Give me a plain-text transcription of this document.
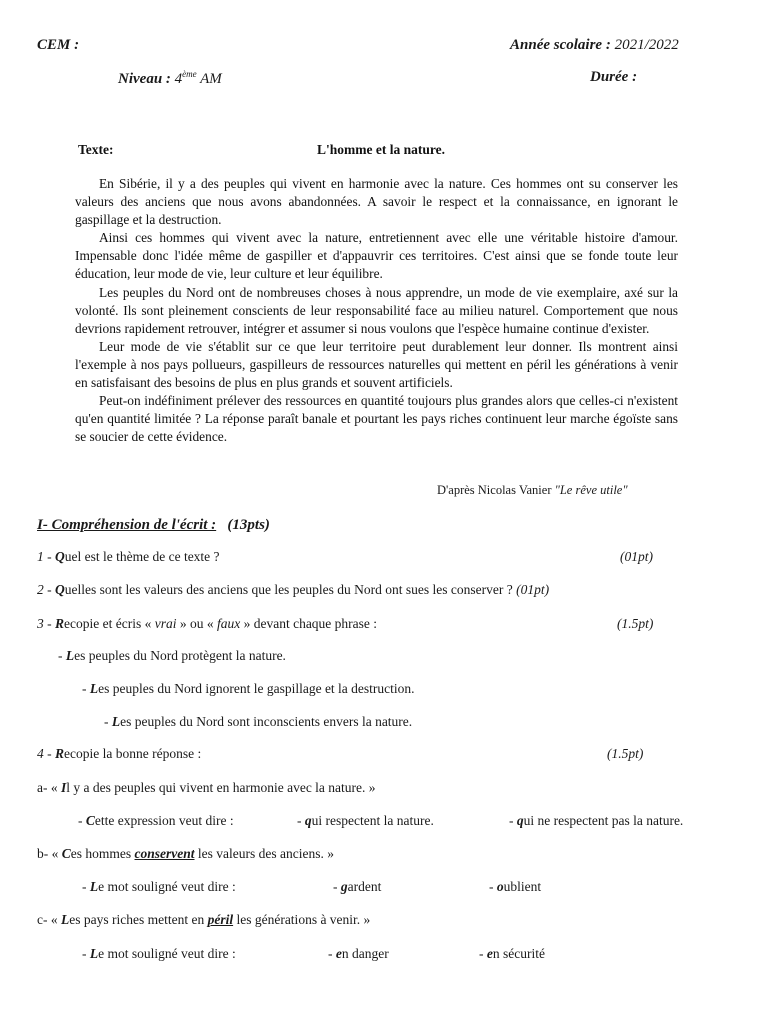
CEM :	Année scolaire : 2021/2022
Niveau : 4ème AM	Durée :
Texte:	L'homme et la nature.

En Sibérie, il y a des peuples qui vivent en harmonie avec la nature. Ces hommes ont su conserver les valeurs des anciens que nous avons abandonnées. A savoir le respect et la connaissance, en ignorant le gaspillage et la destruction.

Ainsi ces hommes qui vivent avec la nature, entretiennent avec elle une véritable histoire d'amour. Impensable donc l'idée même de gaspiller et d'appauvrir ces territoires. C'est ainsi que se fonde toute leur éducation, leur mode de vie, leur culture et leur équilibre.

Les peuples du Nord ont de nombreuses choses à nous apprendre, un mode de vie exemplaire, axé sur la volonté. Ils sont pleinement conscients de leur responsabilité face au milieu naturel. Comportement que nous devrions rapidement retrouver, intégrer et assumer si nous voulons que l'espèce humaine continue d'exister.

Leur mode de vie s'établit sur ce que leur territoire peut durablement leur donner. Ils montrent ainsi l'exemple à nos pays pollueurs, gaspilleurs de ressources naturelles qui mettent en péril les générations à venir en satisfaisant des besoins de plus en plus grands et souvent artificiels.

Peut-on indéfiniment prélever des ressources en quantité toujours plus grandes alors que celles-ci n'existent qu'en quantité limitée ? La réponse paraît banale et pourtant les pays riches continuent leur marche égoïste sans se soucier de cette évidence.

D'après Nicolas Vanier "Le rêve utile"
I- Compréhension de l'écrit : (13pts)
1 - Quel est le thème de ce texte ?	(01pt)
2 - Quelles sont les valeurs des anciens que les peuples du Nord ont sues les conserver ? (01pt)
3 - Recopie et écris « vrai » ou « faux » devant chaque phrase :	(1.5pt)
- Les peuples du Nord protègent la nature.
- Les peuples du Nord ignorent le gaspillage et la destruction.
- Les peuples du Nord sont inconscients envers la nature.
4 - Recopie la bonne réponse :	(1.5pt)
a- « Il y a des peuples qui vivent en harmonie avec la nature. »
- Cette expression veut dire :	- qui respectent la nature.	- qui ne respectent pas la nature.
b- « Ces hommes conservent les valeurs des anciens. »
- Le mot souligné veut dire :	- gardent	- oublient
c- « Les pays riches mettent en péril les générations à venir. »
- Le mot souligné veut dire :	- en danger	- en sécurité
